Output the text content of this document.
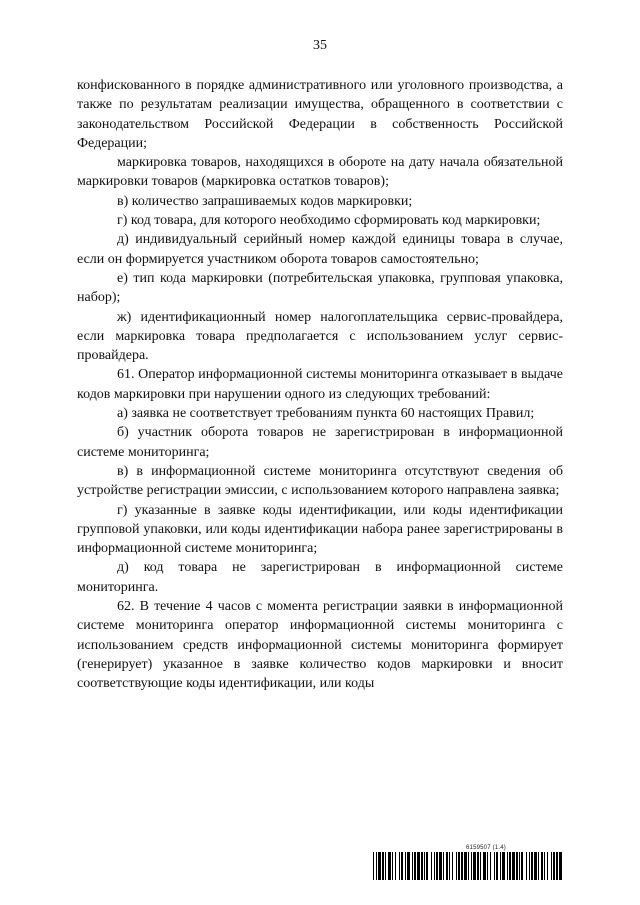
35

конфискованного в порядке административного или уголовного производства, а также по результатам реализации имущества, обращенного в соответствии с законодательством Российской Федерации в собственность Российской Федерации;

маркировка товаров, находящихся в обороте на дату начала обязательной маркировки товаров (маркировка остатков товаров);

в) количество запрашиваемых кодов маркировки;

г) код товара, для которого необходимо сформировать код маркировки;

д) индивидуальный серийный номер каждой единицы товара в случае, если он формируется участником оборота товаров самостоятельно;

е) тип кода маркировки (потребительская упаковка, групповая упаковка, набор);

ж) идентификационный номер налогоплательщика сервис-провайдера, если маркировка товара предполагается с использованием услуг сервис-провайдера.

61. Оператор информационной системы мониторинга отказывает в выдаче кодов маркировки при нарушении одного из следующих требований:

а) заявка не соответствует требованиям пункта 60 настоящих Правил;

б) участник оборота товаров не зарегистрирован в информационной системе мониторинга;

в) в информационной системе мониторинга отсутствуют сведения об устройстве регистрации эмиссии, с использованием которого направлена заявка;

г) указанные в заявке коды идентификации, или коды идентификации групповой упаковки, или коды идентификации набора ранее зарегистрированы в информационной системе мониторинга;

д) код товара не зарегистрирован в информационной системе мониторинга.

62. В течение 4 часов с момента регистрации заявки в информационной системе мониторинга оператор информационной системы мониторинга с использованием средств информационной системы мониторинга формирует (генерирует) указанное в заявке количество кодов маркировки и вносит соответствующие коды идентификации, или коды

6159507 (1.4)
